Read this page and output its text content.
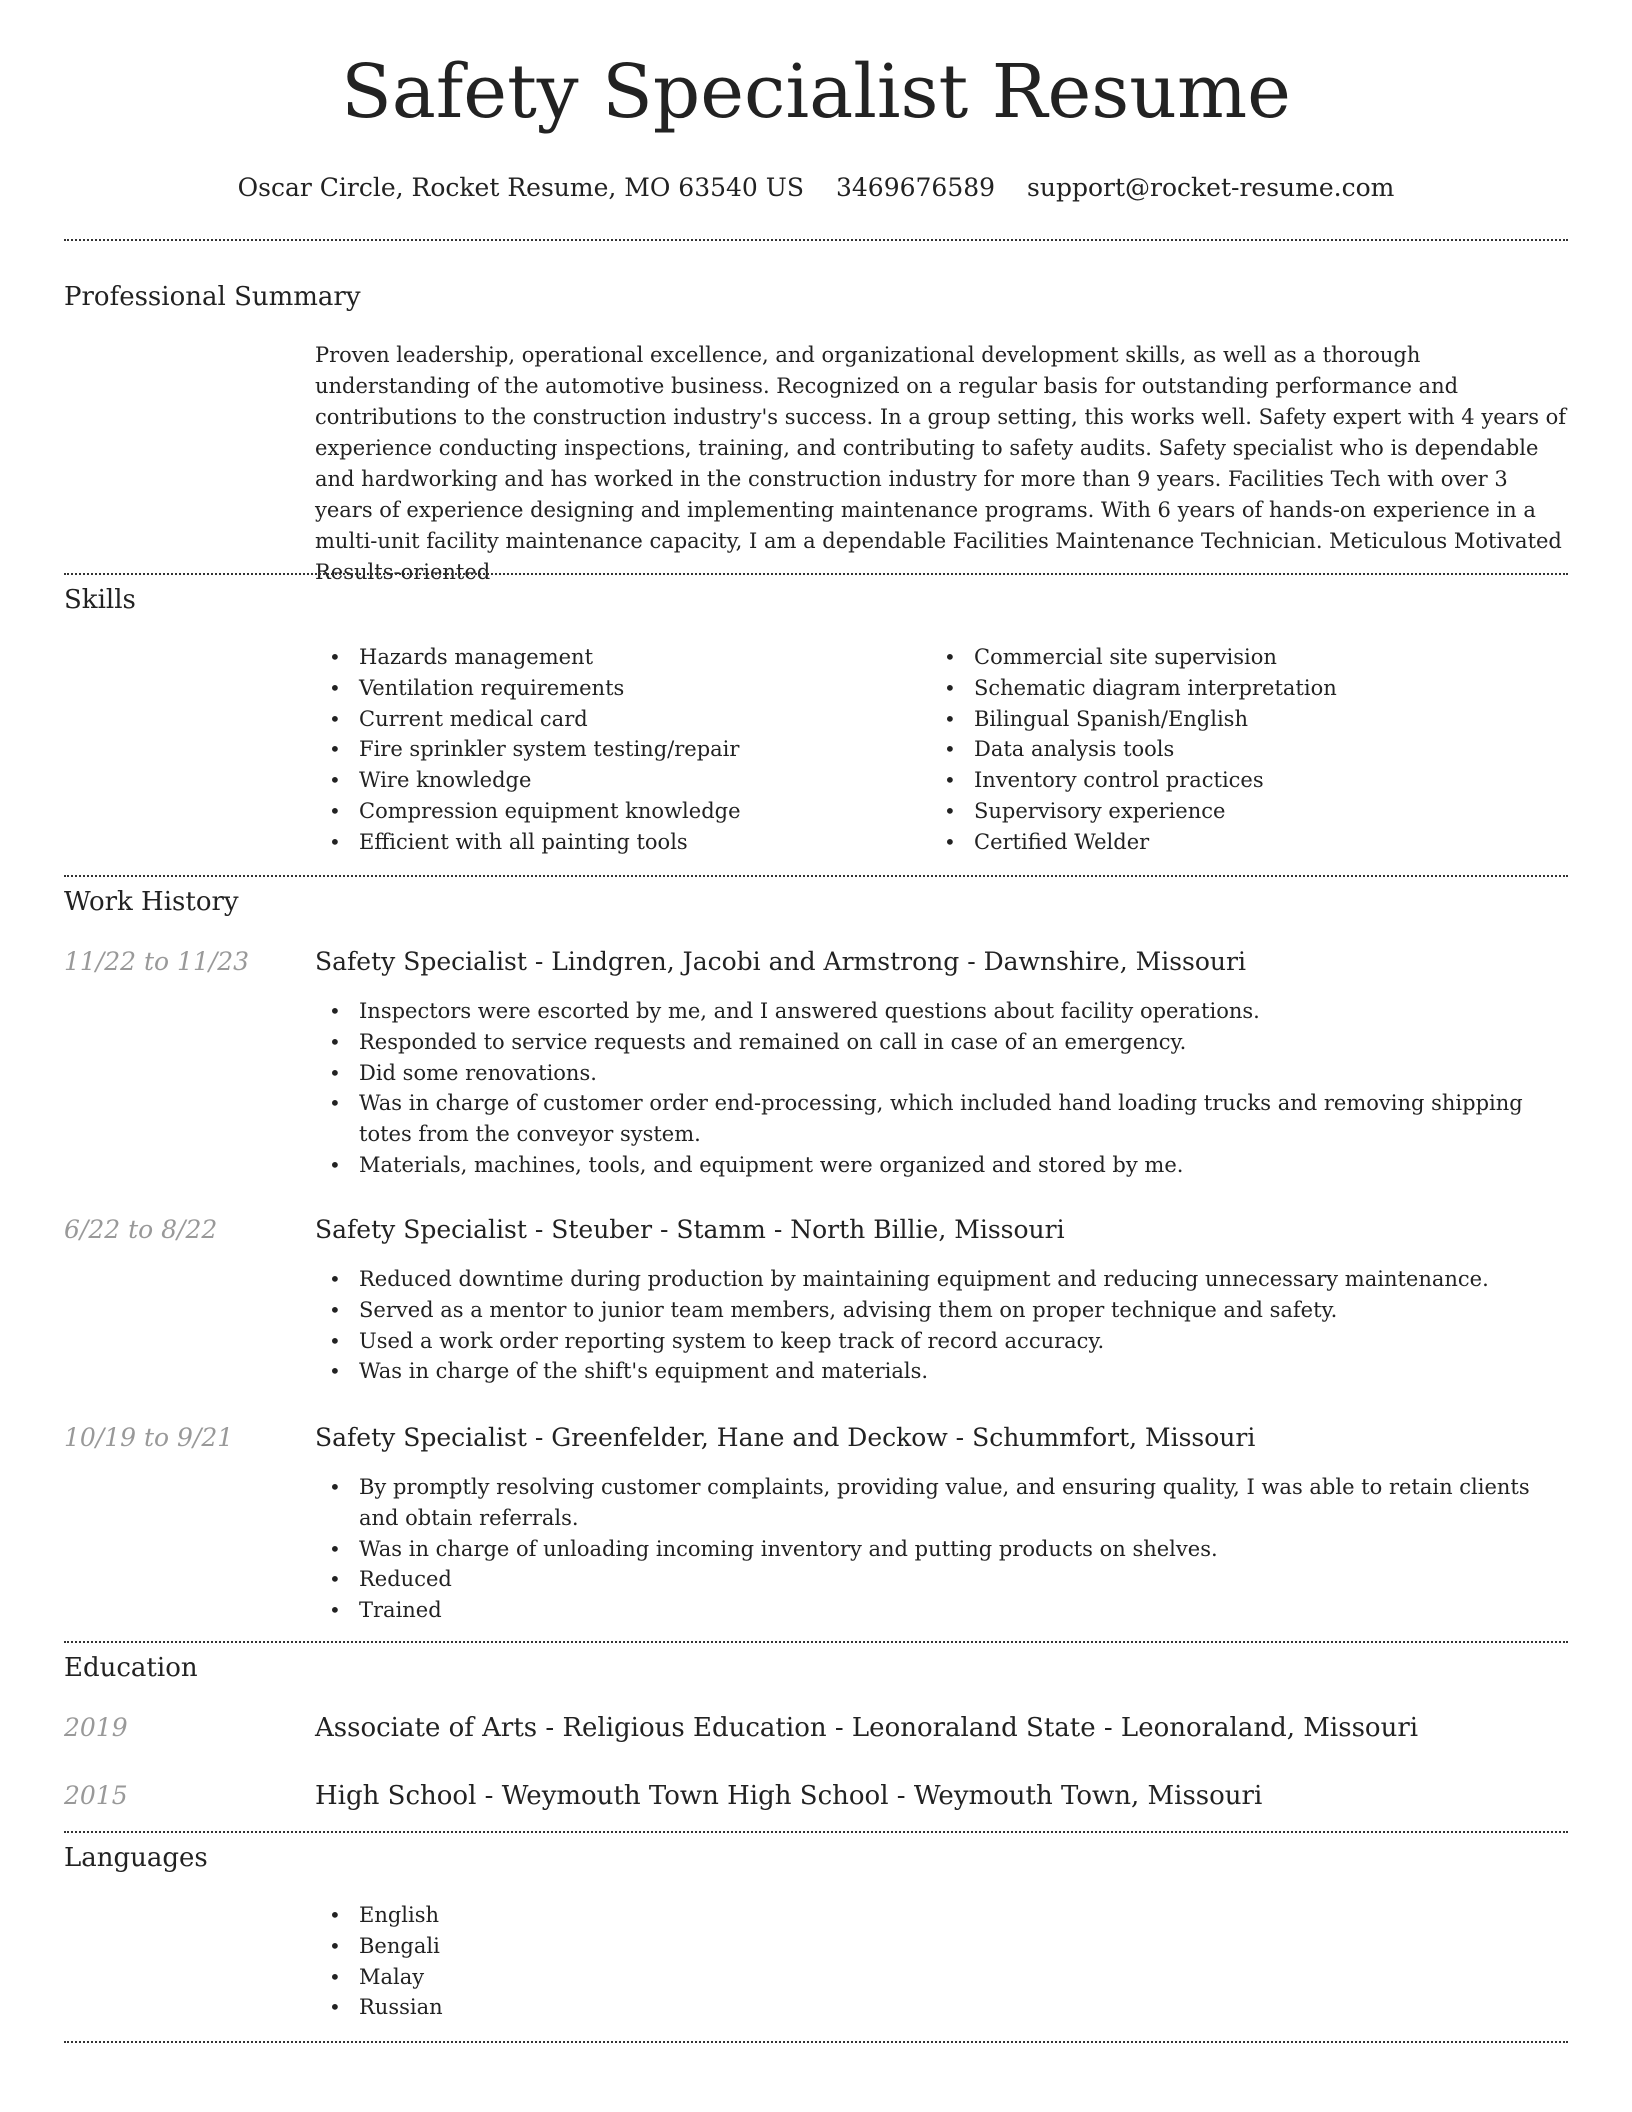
Safety Specialist Resume
Oscar Circle, Rocket Resume, MO 63540 US 3469676589 support@rocket-resume.com
Professional Summary

Proven leadership, operational excellence, and organizational development skills, as well as a thorough understanding of the automotive business. Recognized on a regular basis for outstanding performance and contributions to the construction industry's success. In a group setting, this works well. Safety expert with 4 years of experience conducting inspections, training, and contributing to safety audits. Safety specialist who is dependable and hardworking and has worked in the construction industry for more than 9 years. Facilities Tech with over 3 years of experience designing and implementing maintenance programs. With 6 years of hands-on experience in a multi-unit facility maintenance capacity, I am a dependable Facilities Maintenance Technician. Meticulous Motivated Results-oriented

Skills
• Hazards management
• Ventilation requirements
• Current medical card
• Fire sprinkler system testing/repair
• Wire knowledge
• Compression equipment knowledge
• Efficient with all painting tools
• Commercial site supervision
• Schematic diagram interpretation
• Bilingual Spanish/English
• Data analysis tools
• Inventory control practices
• Supervisory experience
• Certified Welder
Work History
11/22 to 11/23	Safety Specialist - Lindgren, Jacobi and Armstrong - Dawnshire, Missouri
• Inspectors were escorted by me, and I answered questions about facility operations.
• Responded to service requests and remained on call in case of an emergency.
• Did some renovations.
• Was in charge of customer order end-processing, which included hand loading trucks and removing shipping totes from the conveyor system.
• Materials, machines, tools, and equipment were organized and stored by me.
6/22 to 8/22	Safety Specialist - Steuber - Stamm - North Billie, Missouri
• Reduced downtime during production by maintaining equipment and reducing unnecessary maintenance.
• Served as a mentor to junior team members, advising them on proper technique and safety.
• Used a work order reporting system to keep track of record accuracy.
• Was in charge of the shift's equipment and materials.
10/19 to 9/21	Safety Specialist - Greenfelder, Hane and Deckow - Schummfort, Missouri
• By promptly resolving customer complaints, providing value, and ensuring quality, I was able to retain clients and obtain referrals.
• Was in charge of unloading incoming inventory and putting products on shelves.
• Reduced
• Trained
Education
2019	Associate of Arts - Religious Education - Leonoraland State - Leonoraland, Missouri
2015	High School - Weymouth Town High School - Weymouth Town, Missouri
Languages
• English
• Bengali
• Malay
• Russian
